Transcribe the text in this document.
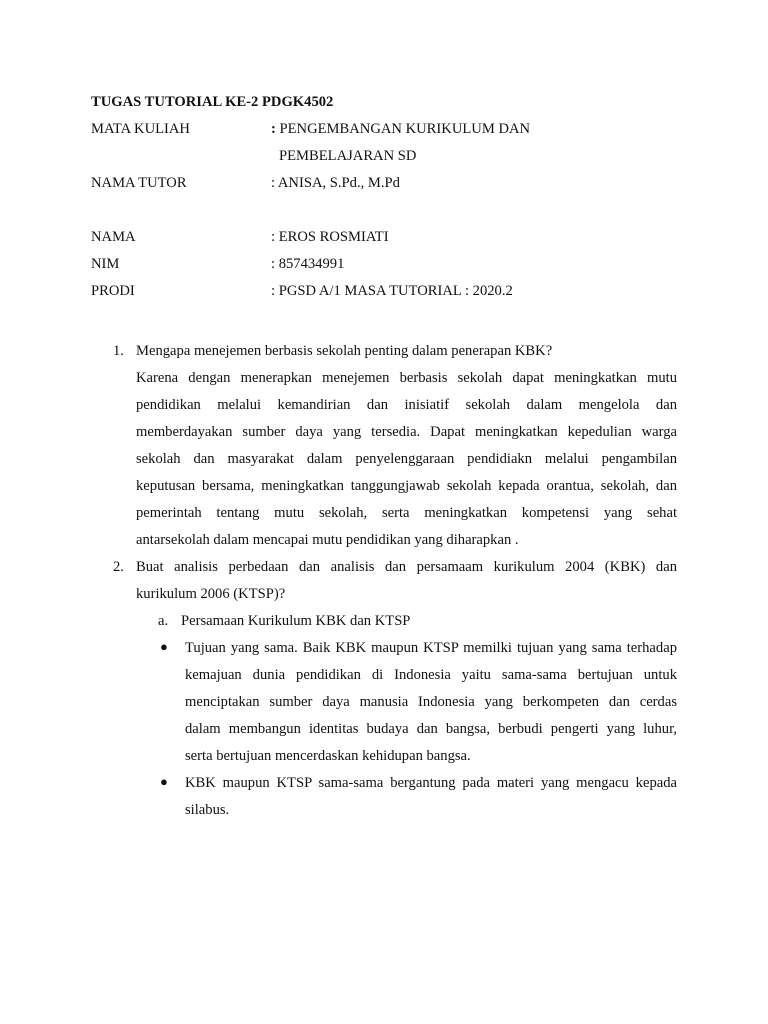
TUGAS TUTORIAL KE-2 PDGK4502
MATA KULIAH	: PENGEMBANGAN KURIKULUM DAN
PEMBELAJARAN SD
NAMA TUTOR	: ANISA, S.Pd., M.Pd
NAMA	: EROS ROSMIATI
NIM	: 857434991
PRODI	: PGSD A/1 MASA TUTORIAL : 2020.2
1. Mengapa menejemen berbasis sekolah penting dalam penerapan KBK?
Karena dengan menerapkan menejemen berbasis sekolah dapat meningkatkan mutu
pendidikan melalui kemandirian dan inisiatif sekolah dalam mengelola dan
memberdayakan sumber daya yang tersedia. Dapat meningkatkan kepedulian warga
sekolah dan masyarakat dalam penyelenggaraan pendidiakn melalui pengambilan
keputusan bersama, meningkatkan tanggungjawab sekolah kepada orantua, sekolah, dan
pemerintah tentang mutu sekolah, serta meningkatkan kompetensi yang sehat
antarsekolah dalam mencapai mutu pendidikan yang diharapkan .
2. Buat analisis perbedaan dan analisis dan persamaam kurikulum 2004 (KBK) dan
kurikulum 2006 (KTSP)?
a. Persamaan Kurikulum KBK dan KTSP
● Tujuan yang sama. Baik KBK maupun KTSP memilki tujuan yang sama terhadap
kemajuan dunia pendidikan di Indonesia yaitu sama-sama bertujuan untuk
menciptakan sumber daya manusia Indonesia yang berkompeten dan cerdas
dalam membangun identitas budaya dan bangsa, berbudi pengerti yang luhur,
serta bertujuan mencerdaskan kehidupan bangsa.
● KBK maupun KTSP sama-sama bergantung pada materi yang mengacu kepada
silabus.
